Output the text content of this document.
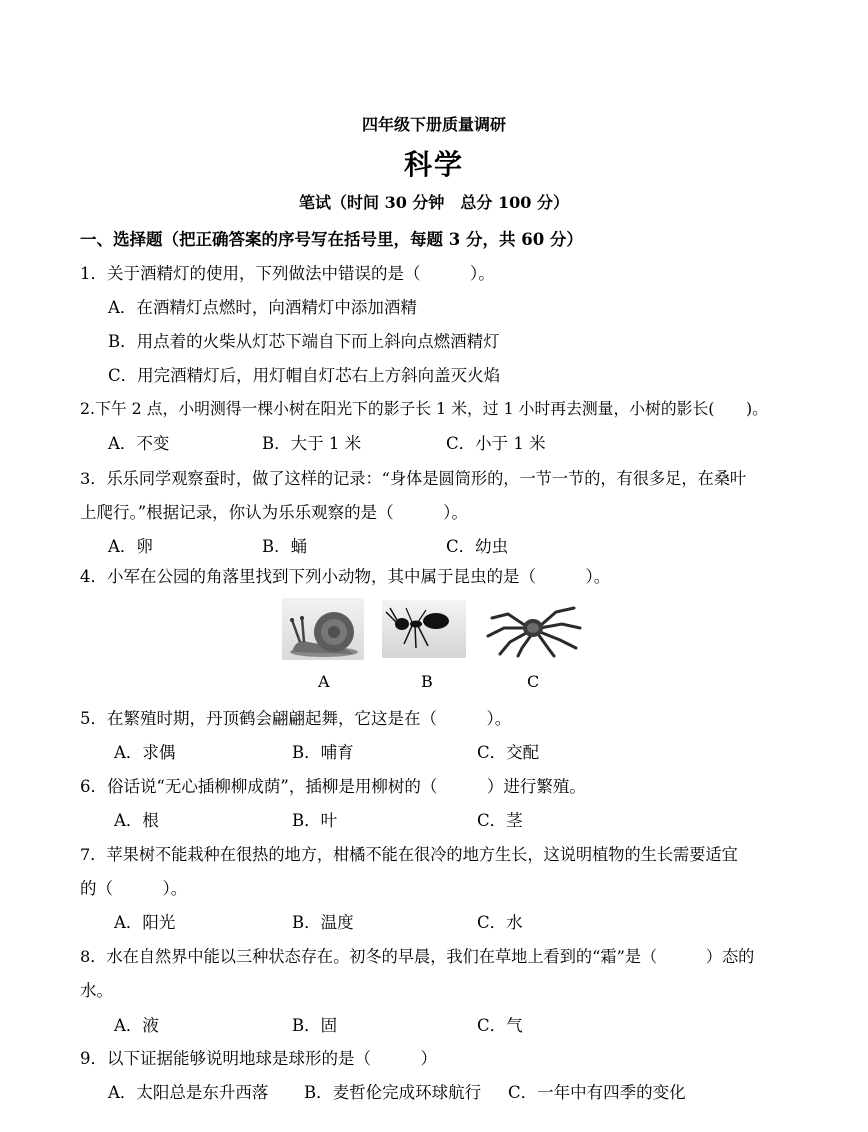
四年级下册质量调研
科学
笔试（时间 30 分钟　总分 100 分）
一、选择题（把正确答案的序号写在括号里，每题 3 分，共 60 分）
1．关于酒精灯的使用，下列做法中错误的是（　　　）。
A．在酒精灯点燃时，向酒精灯中添加酒精
B．用点着的火柴从灯芯下端自下而上斜向点燃酒精灯
C．用完酒精灯后，用灯帽自灯芯右上方斜向盖灭火焰
2.下午 2 点，小明测得一棵小树在阳光下的影子长 1 米，过 1 小时再去测量，小树的影长(　　)。
A．不变	B．大于 1 米	C．小于 1 米
3．乐乐同学观察蚕时，做了这样的记录：“身体是圆筒形的，一节一节的，有很多足，在桑叶
上爬行。”根据记录，你认为乐乐观察的是（　　　）。
A．卵	B．蛹	C．幼虫
4．小军在公园的角落里找到下列小动物，其中属于昆虫的是（　　　）。
A	B	C
5．在繁殖时期，丹顶鹤会翩翩起舞，它这是在（　　　）。
A．求偶	B．哺育	C．交配
6．俗话说“无心插柳柳成荫”，插柳是用柳树的（　　　）进行繁殖。
A．根	B．叶	C．茎
7．苹果树不能栽种在很热的地方，柑橘不能在很冷的地方生长，这说明植物的生长需要适宜
的（　　　）。
A．阳光	B．温度	C．水
8．水在自然界中能以三种状态存在。初冬的早晨，我们在草地上看到的“霜”是（　　　）态的
水。
A．液	B．固	C．气
9．以下证据能够说明地球是球形的是（　　　）
A．太阳总是东升西落 B．麦哲伦完成环球航行 C．一年中有四季的变化
